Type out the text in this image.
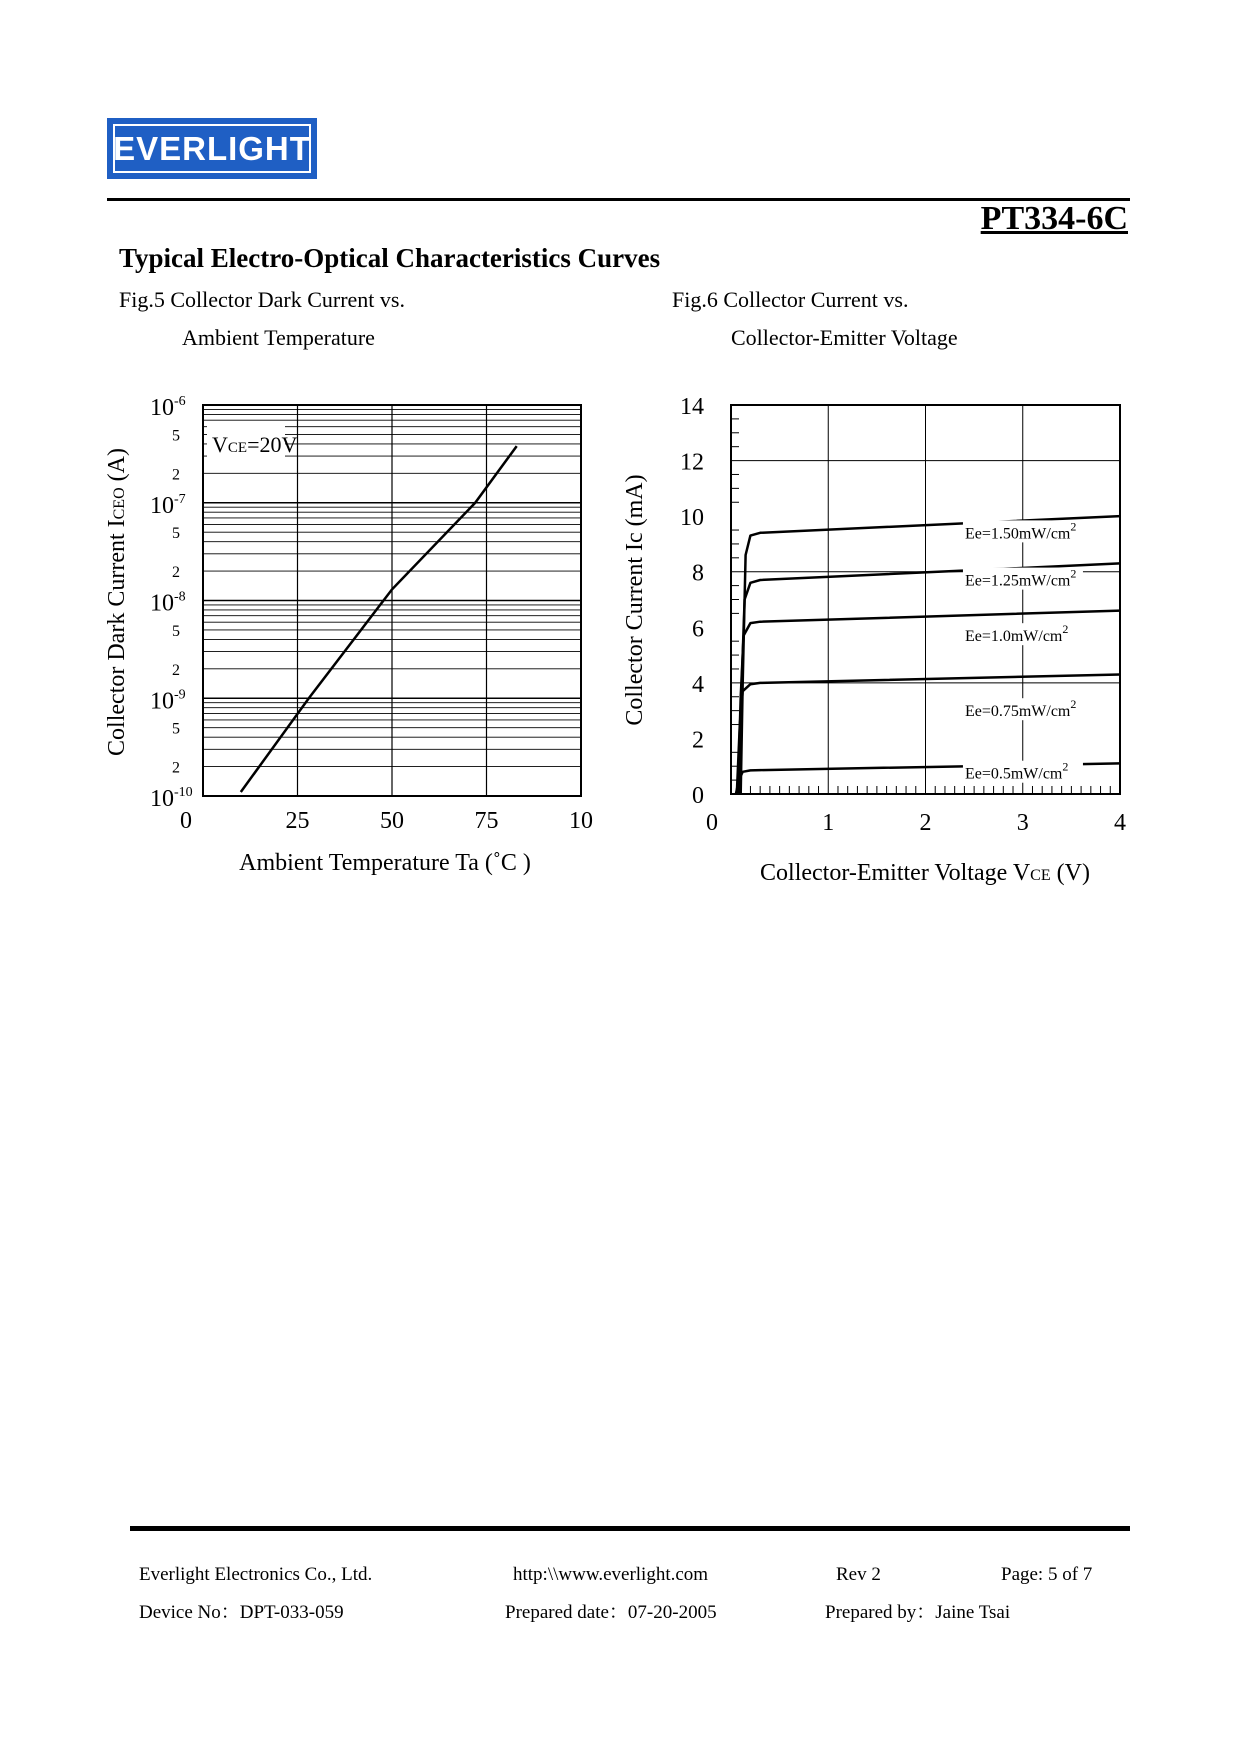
EVERLIGHT
PT334-6C
Typical Electro-Optical Characteristics Curves
Fig.5 Collector Dark Current vs.
Ambient Temperature
Fig.6 Collector Current vs.
Collector-Emitter Voltage
$10^{-6}$
$10^{-7}$
$10^{-8}$
$10^{-9}$
$10^{-10}$
5
2
5
2
5
2
5
2
0	25	50	75	10
VCE=20V
Ambient Temperature Ta (˚C )
Collector Dark Current ICEO (A)
0
2
4
6
8
10
12
14
0	1	2	3	4
$Ee=1.50mW/cm^2$
$Ee=1.25mW/cm^2$
$Ee=1.0mW/cm^2$
$Ee=0.75mW/cm^2$
$Ee=0.5mW/cm^2$
Collector-Emitter Voltage VCE (V)
Collector Current Ic (mA)
Everlight Electronics Co., Ltd.	http:\\www.everlight.com	Rev 2	Page: 5 of 7
Device No：DPT-033-059	Prepared date：07-20-2005	Prepared by：Jaine Tsai
